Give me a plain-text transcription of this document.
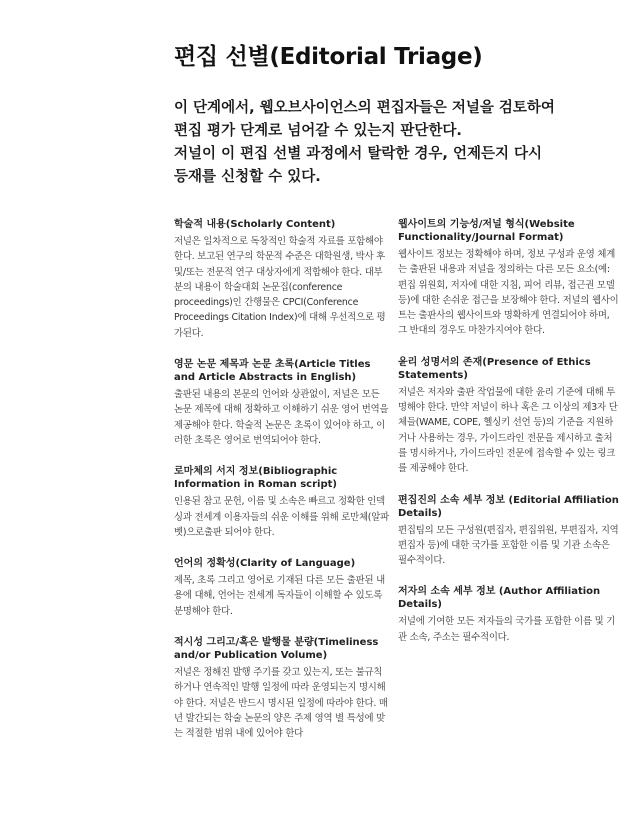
편집 선별(Editorial Triage)

이 단계에서, 웹오브사이언스의 편집자들은 저널을 검토하여

편집 평가 단계로 넘어갈 수 있는지 판단한다.

저널이 이 편집 선별 과정에서 탈락한 경우, 언제든지 다시

등재를 신청할 수 있다.

학술적 내용(Scholarly Content)
저널은 일차적으로 독창적인 학술적 자료를 포함해야 한다. 보고된 연구의 학문적 수준은 대학원생, 박사 후 및/또는 전문적 연구 대상자에게 적합해야 한다. 대부분의 내용이 학술대회 논문집(conference proceedings)인 간행물은 CPCI(Conference Proceedings Citation Index)에 대해 우선적으로 평가된다.
영문 논문 제목과 논문 초록(Article Titles and Article Abstracts in English)
출판된 내용의 본문의 언어와 상관없이, 저널은 모든 논문 제목에 대해 정확하고 이해하기 쉬운 영어 번역을 제공해야 한다. 학술적 논문은 초록이 있어야 하고, 이러한 초록은 영어로 번역되어야 한다.
로마체의 서지 정보(Bibliographic Information in Roman script)
인용된 참고 문헌, 이름 및 소속은 빠르고 정확한 인덱싱과 전세계 이용자들의 쉬운 이해를 위해 로만체(알파벳)으로출판 되어야 한다.
언어의 정확성(Clarity of Language)
제목, 초록 그리고 영어로 기재된 다른 모든 출판된 내용에 대해, 언어는 전세계 독자들이 이해할 수 있도록 분명해야 한다.
적시성 그리고/혹은 발행물 분량(Timeliness and/or Publication Volume)
저널은 정해진 발행 주기를 갖고 있는지, 또는 불규칙하거나 연속적인 발행 일정에 따라 운영되는지 명시해야 한다. 저널은 반드시 명시된 일정에 따라야 한다. 매년 발간되는 학술 논문의 양은 주제 영역 별 특성에 맞는 적절한 범위 내에 있어야 한다
웹사이트의 기능성/저널 형식(Website Functionality/Journal Format)
웹사이트 정보는 정확해야 하며, 정보 구성과 운영 체계는 출판된 내용과 저널을 정의하는 다른 모든 요소(예: 편집 위원회, 저자에 대한 지침, 피어 리뷰, 접근권 모델 등)에 대한 손쉬운 접근을 보장해야 한다. 저널의 웹사이트는 출판사의 웹사이트와 명확하게 연결되어야 하며, 그 반대의 경우도 마찬가지여야 한다.
윤리 성명서의 존재(Presence of Ethics Statements)
저널은 저자와 출판 작업물에 대한 윤리 기준에 대해 투명해야 한다. 만약 저널이 하나 혹은 그 이상의 제3자 단체들(WAME, COPE, 헬싱키 선언 등)의 기준을 지원하거나 사용하는 경우, 가이드라인 전문을 제시하고 출처를 명시하거나, 가이드라인 전문에 접속할 수 있는 링크를 제공해야 한다.
편집진의 소속 세부 정보 (Editorial Affiliation Details)
편집팀의 모든 구성원(편집자, 편집위원, 부편집자, 지역편집자 등)에 대한 국가를 포함한 이름 및 기관 소속은 필수적이다.
저자의 소속 세부 정보 (Author Affiliation Details)
저널에 기여한 모든 저자들의 국가를 포함한 이름 및 기관 소속, 주소는 필수적이다.
